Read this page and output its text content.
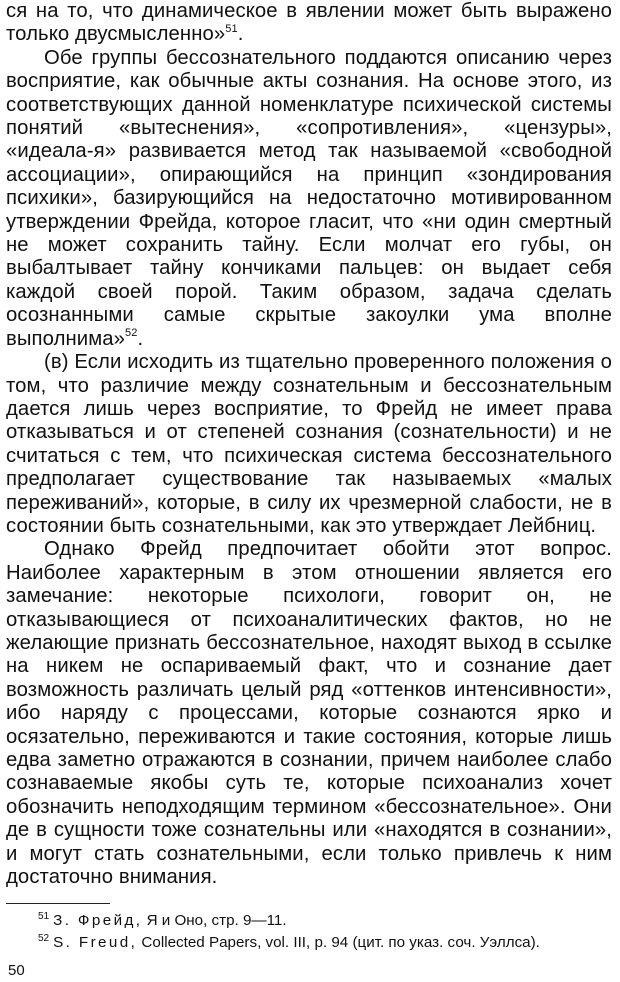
ся на то, что динамическое в явлении может быть выражено только двусмысленно»$^{51}$.

Обе группы бессознательного поддаются описанию через восприятие, как обычные акты сознания. На основе этого, из соответствующих данной номенклатуре психической системы понятий «вытеснения», «сопротивления», «цензуры», «идеала-я» развивается метод так называемой «свободной ассоциации», опирающийся на принцип «зондирования психики», базирующийся на недостаточно мотивированном утверждении Фрейда, которое гласит, что «ни один смертный не может сохранить тайну. Если молчат его губы, он выбалтывает тайну кончиками пальцев: он выдает себя каждой своей порой. Таким образом, задача сделать осознанными самые скрытые закоулки ума вполне выполнима»$^{52}$.

(в) Если исходить из тщательно проверенного положения о том, что различие между сознательным и бессознательным дается лишь через восприятие, то Фрейд не имеет права отказываться и от степеней сознания (сознательности) и не считаться с тем, что психическая система бессознательного предполагает существование так называемых «малых переживаний», которые, в силу их чрезмерной слабости, не в состоянии быть сознательными, как это утверждает Лейбниц.

Однако Фрейд предпочитает обойти этот вопрос. Наиболее характерным в этом отношении является его замечание: некоторые психологи, говорит он, не отказывающиеся от психоаналитических фактов, но не желающие признать бессознательное, находят выход в ссылке на никем не оспариваемый факт, что и сознание дает возможность различать целый ряд «оттенков интенсивности», ибо наряду с процессами, которые сознаются ярко и осязательно, переживаются и такие состояния, которые лишь едва заметно отражаются в сознании, причем наиболее слабо сознаваемые якобы суть те, которые психоанализ хочет обозначить неподходящим термином «бессознательное». Они де в сущности тоже сознательны или «находятся в сознании», и могут стать сознательными, если только привлечь к ним достаточно внимания.

$^{51}$ З. Фрейд, Я и Оно, стр. 9—11.
$^{52}$ S. Freud, Collected Papers, vol. III, p. 94 (цит. по указ. соч. Уэллса).
50
